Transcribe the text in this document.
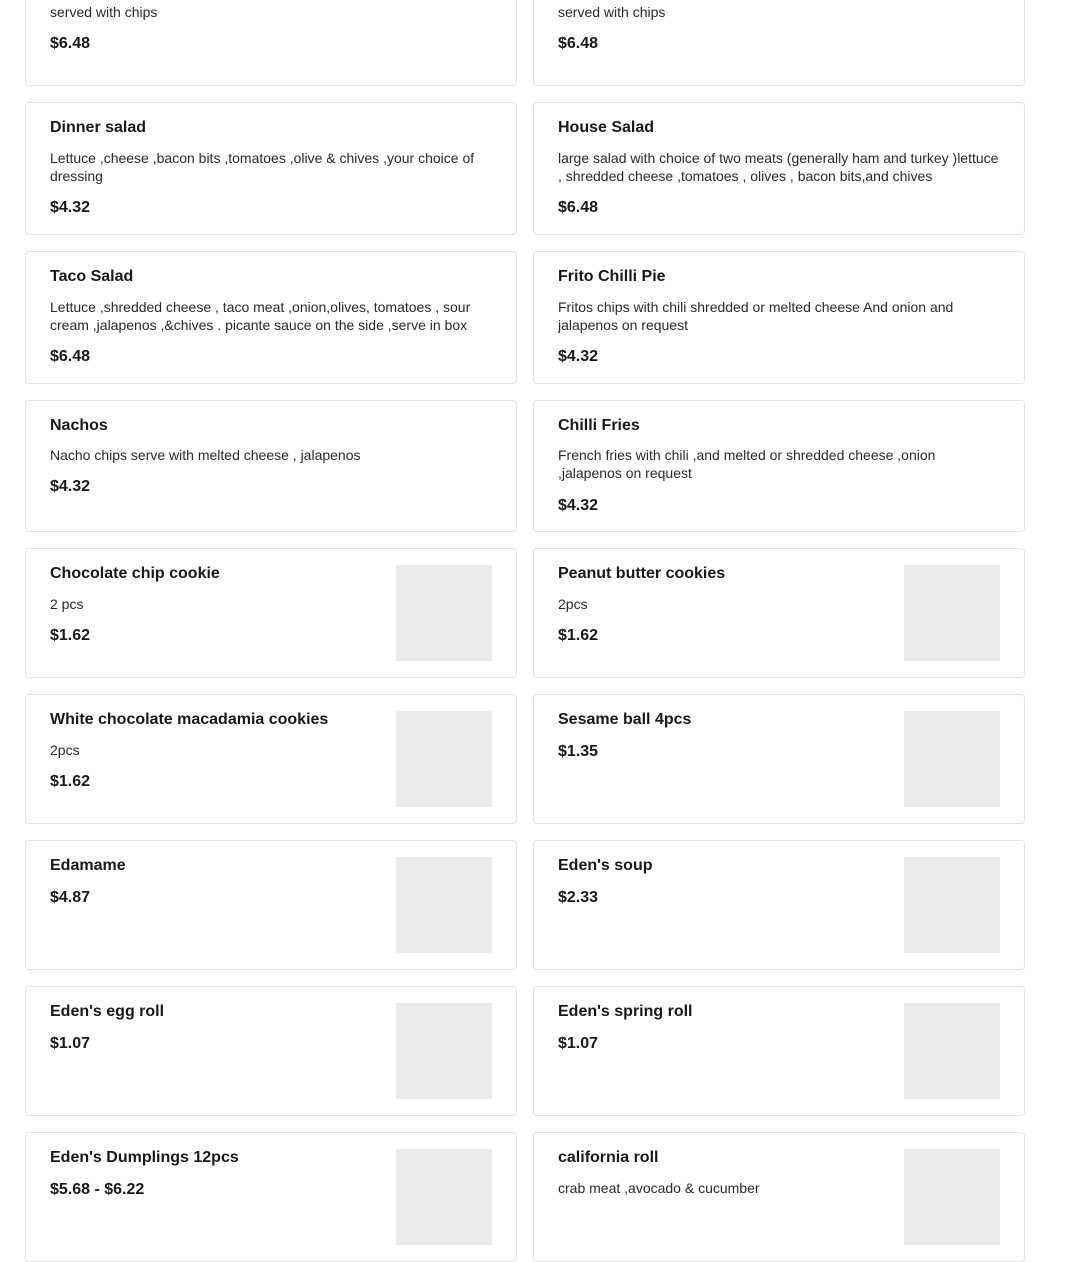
served with chips
$6.48
served with chips
$6.48
Dinner salad
Lettuce ,cheese ,bacon bits ,tomatoes ,olive & chives ,your choice of dressing
$4.32
House Salad
large salad with choice of two meats (generally ham and turkey )lettuce , shredded cheese ,tomatoes , olives , bacon bits,and chives
$6.48
Taco Salad
Lettuce ,shredded cheese , taco meat ,onion,olives, tomatoes , sour cream ,jalapenos ,&chives . picante sauce on the side ,serve in box
$6.48
Frito Chilli Pie
Fritos chips with chili shredded or melted cheese And onion and jalapenos on request
$4.32
Nachos
Nacho chips serve with melted cheese , jalapenos
$4.32
Chilli Fries
French fries with chili ,and melted or shredded cheese ,onion ,jalapenos on request
$4.32
Chocolate chip cookie
2 pcs
$1.62
Peanut butter cookies
2pcs
$1.62
White chocolate macadamia cookies
2pcs
$1.62
Sesame ball 4pcs
$1.35
Edamame
$4.87
Eden's soup
$2.33
Eden's egg roll
$1.07
Eden's spring roll
$1.07
Eden's Dumplings 12pcs
$5.68 - $6.22
california roll
crab meat ,avocado & cucumber
